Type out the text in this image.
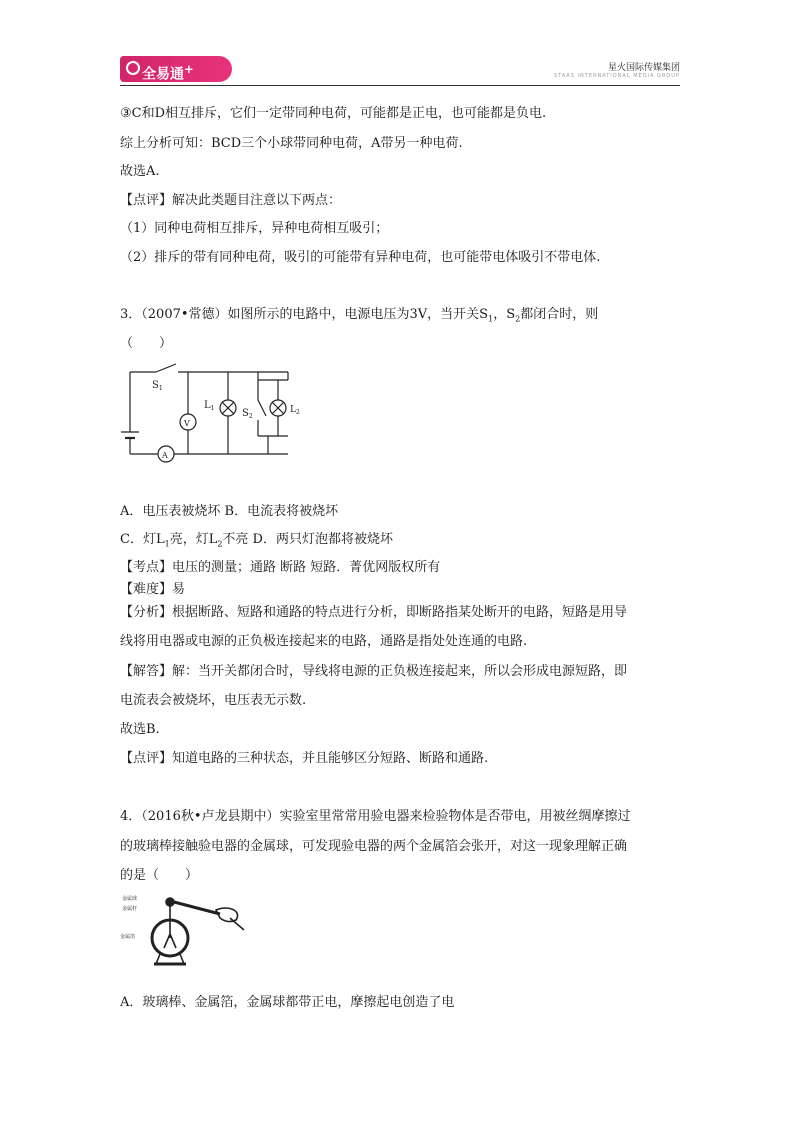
全易通+	星火国际传媒集团
STARS INTERNATIONAL MEDIA GROUP
③C和D相互排斥，它们一定带同种电荷，可能都是正电，也可能都是负电.
综上分析可知：BCD三个小球带同种电荷，A带另一种电荷.
故选A.
【点评】解决此类题目注意以下两点：
（1）同种电荷相互排斥，异种电荷相互吸引；
（2）排斥的带有同种电荷，吸引的可能带有异种电荷，也可能带电体吸引不带电体.
3．（2007•常德）如图所示的电路中，电源电压为3V，当开关$S_1$，$S_2$都闭合时，则
（　　）
$S_1$
V
A
$L_1$	$S_2$
$L_2$
A．电压表被烧坏 B．电流表将被烧坏
C．灯$L_1$亮，灯$L_2$不亮 D．两只灯泡都将被烧坏
【考点】电压的测量；通路 断路 短路．菁优网版权所有
【难度】易
【分析】根据断路、短路和通路的特点进行分析，即断路指某处断开的电路，短路是用导
线将用电器或电源的正负极连接起来的电路，通路是指处处连通的电路.
【解答】解：当开关都闭合时，导线将电源的正负极连接起来，所以会形成电源短路，即
电流表会被烧坏，电压表无示数.
故选B.
【点评】知道电路的三种状态，并且能够区分短路、断路和通路.
4．（2016秋•卢龙县期中）实验室里常常用验电器来检验物体是否带电，用被丝绸摩擦过
的玻璃棒接触验电器的金属球，可发现验电器的两个金属箔会张开，对这一现象理解正确
的是（　　）
金属球
金属杆
金属箔
A．玻璃棒、金属箔，金属球都带正电，摩擦起电创造了电
